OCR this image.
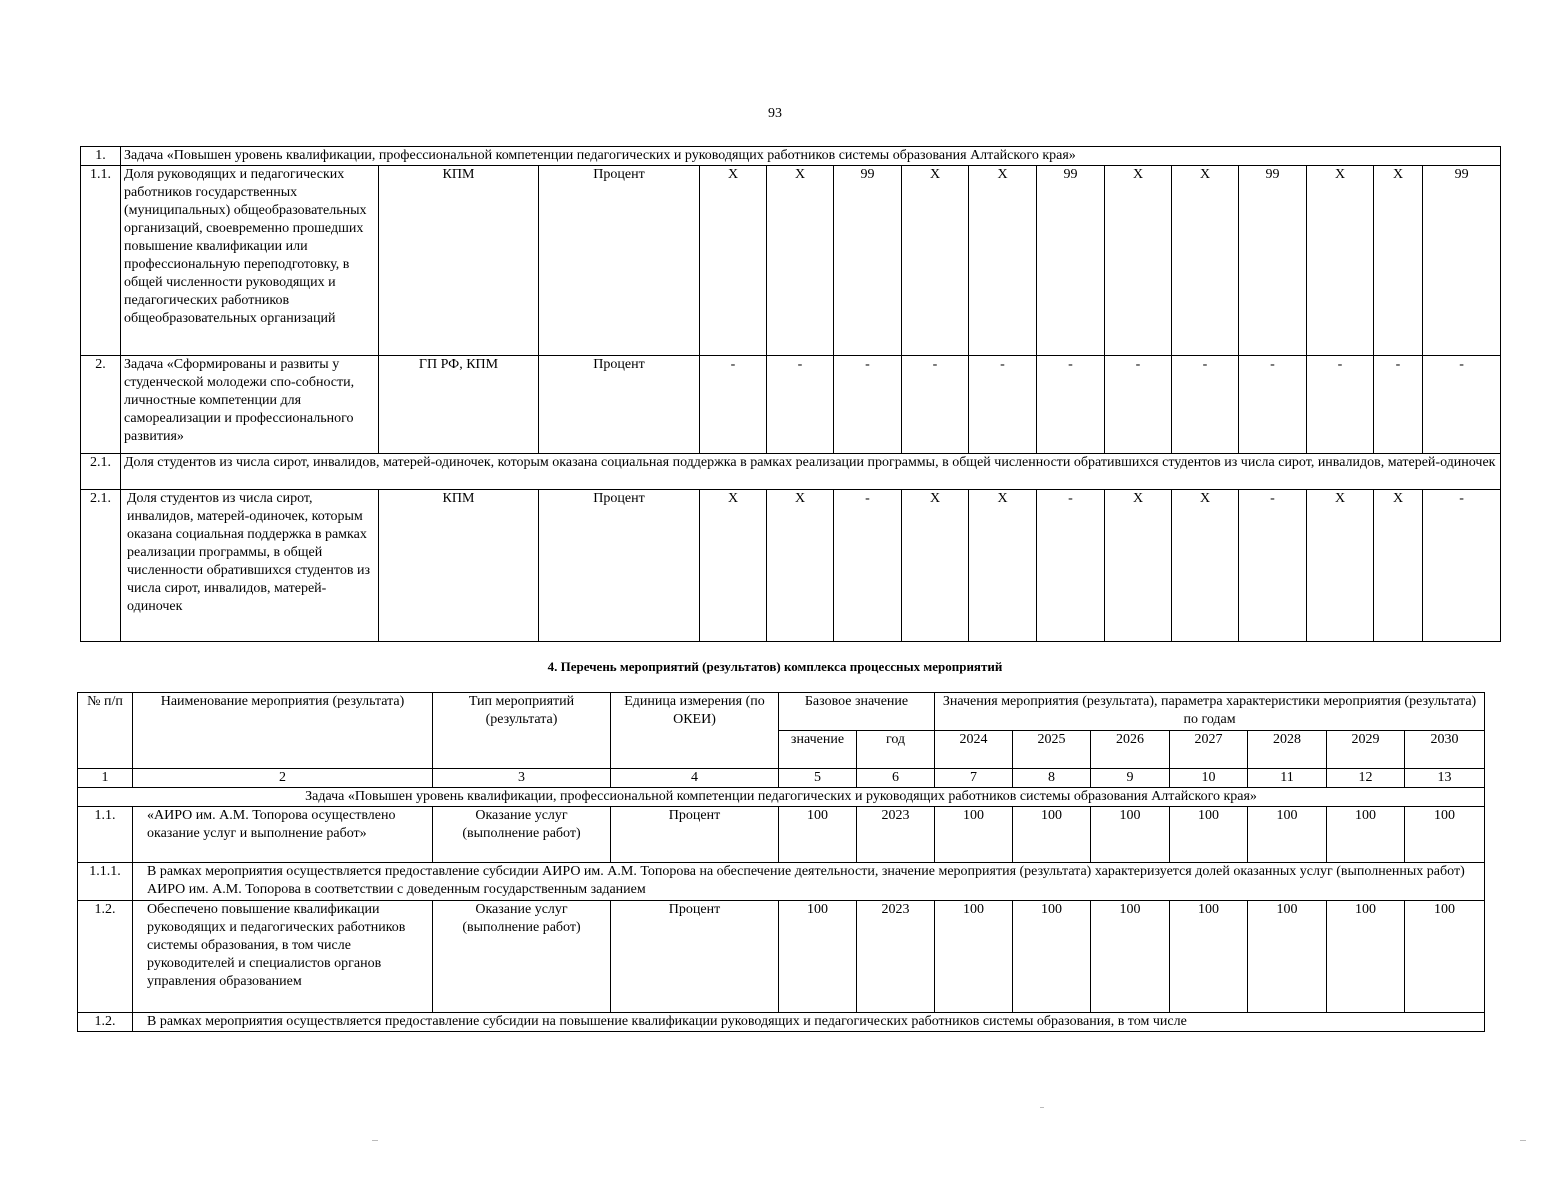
93
1.	Задача «Повышен уровень квалификации, профессиональной компетенции педагогических и руководящих работников системы образования Алтайского края»														
1.1.	Доля руководящих и педагогических работников государственных (муниципальных) общеобразовательных организаций, своевременно прошедших повышение квалификации или профессиональную переподготовку, в общей численности руководящих и педагогических работников общеобразовательных организаций	КПМ	Процент	X	X	99	X	X	99	X	X	99	X	X	99
2.	Задача «Сформированы и развиты у студенческой молодежи спо-собности, личностные компетенции для самореализации и профессионального развития»	ГП РФ, КПМ	Процент	-	-	-	-	-	-	-	-	-	-	-	-
2.1.	Доля студентов из числа сирот, инвалидов, матерей-одиночек, которым оказана социальная поддержка в рамках реализации программы, в общей численности обратившихся студентов из числа сирот, инвалидов, матерей-одиночек														
2.1.	Доля студентов из числа сирот, инвалидов, матерей-одиночек, которым оказана социальная поддержка в рамках реализации программы, в общей численности обратившихся студентов из числа сирот, инвалидов, матерей-одиночек	КПМ	Процент	X	X	-	X	X	-	X	X	-	X	X	-
4. Перечень мероприятий (результатов) комплекса процессных мероприятий
№ п/п	Наименование мероприятия (результата)	Тип мероприятий (результата)	Единица измерения (по ОКЕИ)	Базовое значение		Значения мероприятия (результата), параметра характеристики мероприятия (результата) по годам						
				значение	год	2024	2025	2026	2027	2028	2029	2030
1	2	3	4	5	6	7	8	9	10	11	12	13
Задача «Повышен уровень квалификации, профессиональной компетенции педагогических и руководящих работников системы образования Алтайского края»												
1.1.	«АИРО им. А.М. Топорова осуществлено оказание услуг и выполнение работ»	Оказание услуг (выполнение работ)	Процент	100	2023	100	100	100	100	100	100	100
1.1.1.	В рамках мероприятия осуществляется предоставление субсидии АИРО им. А.М. Топорова на обеспечение деятельности, значение мероприятия (результата) характеризуется долей оказанных услуг (выполненных работ) АИРО им. А.М. Топорова в соответствии с доведенным государственным заданием											
1.2.	Обеспечено повышение квалификации руководящих и педагогических работников системы образования, в том числе руководителей и специалистов органов управления образованием	Оказание услуг (выполнение работ)	Процент	100	2023	100	100	100	100	100	100	100
1.2.	В рамках мероприятия осуществляется предоставление субсидии на повышение квалификации руководящих и педагогических работников системы образования, в том числе											
